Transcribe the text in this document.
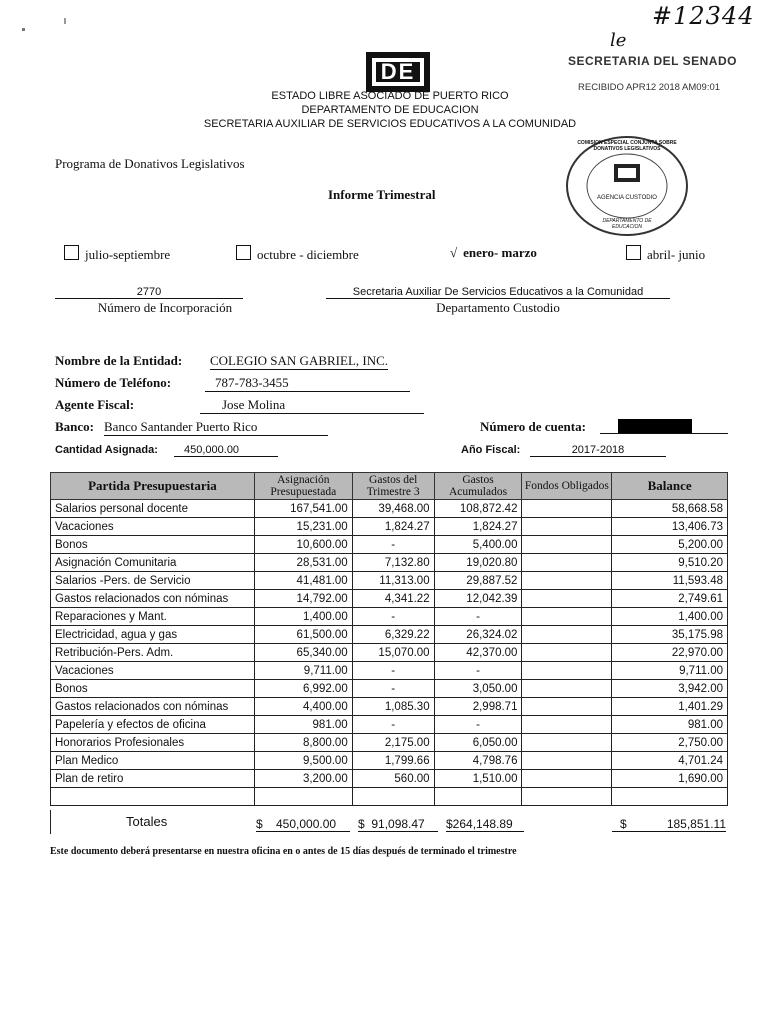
#12344
le
SECRETARIA DEL SENADO
RECIBIDO APR12 2018 AM09:01
DE
ESTADO LIBRE ASOCIADO DE PUERTO RICO
DEPARTAMENTO DE EDUCACION
SECRETARIA AUXILIAR DE SERVICIOS EDUCATIVOS A LA COMUNIDAD
Programa de Donativos Legislativos
Informe Trimestral
COMISION ESPECIAL CONJUNTA SOBRE DONATIVOS LEGISLATIVOS
AGENCIA CUSTODIO
DEPARTAMENTO DE EDUCACION
julio-septiembre	octubre - diciembre	√ enero- marzo	abril- junio
2770
Número de Incorporación
Secretaria Auxiliar De Servicios Educativos a la Comunidad
Departamento Custodio
Nombre de la Entidad: COLEGIO SAN GABRIEL, INC.
Número de Teléfono:	787-783-3455
Agente Fiscal:	Jose Molina
Banco: Banco Santander Puerto Rico	Número de cuenta:
Cantidad Asignada:	450,000.00	Año Fiscal:	2017-2018
Partida Presupuestaria	Asignación Presupuestada	Gastos del Trimestre 3	Gastos Acumulados	Fondos Obligados	Balance
Salarios personal docente	167,541.00	39,468.00	108,872.42		58,668.58
Vacaciones	15,231.00	1,824.27	1,824.27		13,406.73
Bonos	10,600.00	-	5,400.00		5,200.00
Asignación Comunitaria	28,531.00	7,132.80	19,020.80		9,510.20
Salarios -Pers. de Servicio	41,481.00	11,313.00	29,887.52		11,593.48
Gastos relacionados con nóminas	14,792.00	4,341.22	12,042.39		2,749.61
Reparaciones y Mant.	1,400.00	-	-		1,400.00
Electricidad, agua y gas	61,500.00	6,329.22	26,324.02		35,175.98
Retribución-Pers. Adm.	65,340.00	15,070.00	42,370.00		22,970.00
Vacaciones	9,711.00	-	-		9,711.00
Bonos	6,992.00	-	3,050.00		3,942.00
Gastos relacionados con nóminas	4,400.00	1,085.30	2,998.71		1,401.29
Papelería y efectos de oficina	981.00	-	-		981.00
Honorarios Profesionales	8,800.00	2,175.00	6,050.00		2,750.00
Plan Medico	9,500.00	1,799.66	4,798.76		4,701.24
Plan de retiro	3,200.00	560.00	1,510.00		1,690.00

Totales	$    450,000.00	$  91,098.47	$264,148.89	$	185,851.11
Este documento deberá presentarse en nuestra oficina en o antes de 15 días después de terminado el trimestre
